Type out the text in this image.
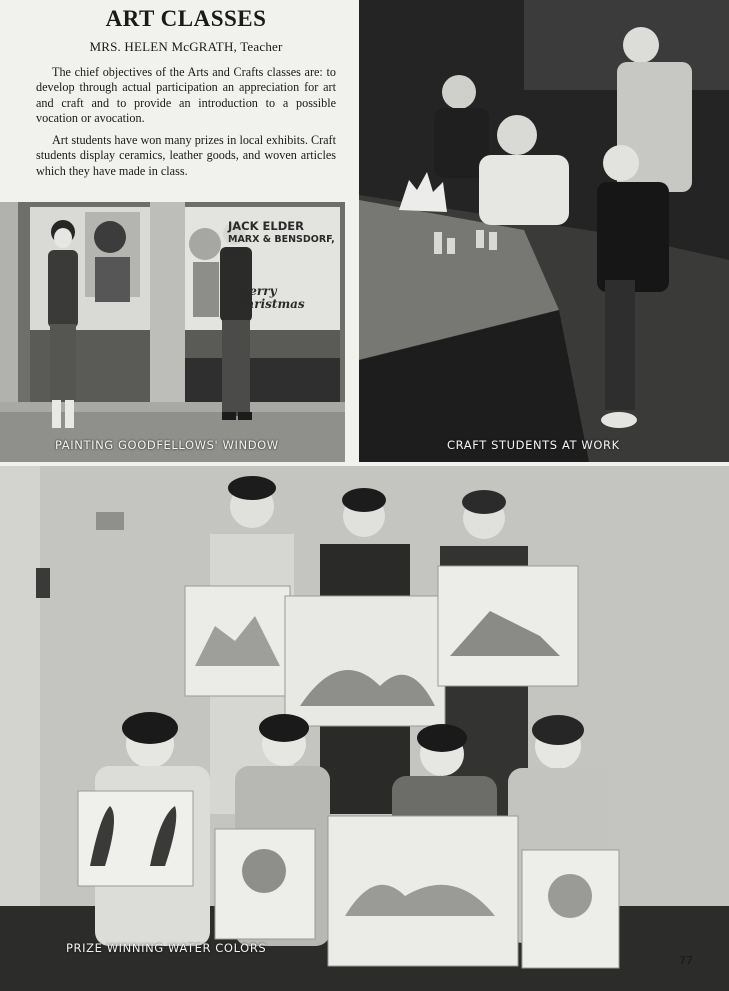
ART CLASSES

MRS. HELEN McGRATH, Teacher

The chief objectives of the Arts and Crafts classes are: to develop through actual participation an appreciation for art and craft and to provide an introduction to a possible vocation or avocation.

Art students have won many prizes in local exhibits. Craft students display ceramics, leather goods, and woven articles which they have made in class.

JACK ELDER
MARX & BENSDORF, Inc.
Merry Christmas
PAINTING GOODFELLOWS' WINDOW	CRAFT STUDENTS AT WORK
PRIZE WINNING WATER COLORS
77
